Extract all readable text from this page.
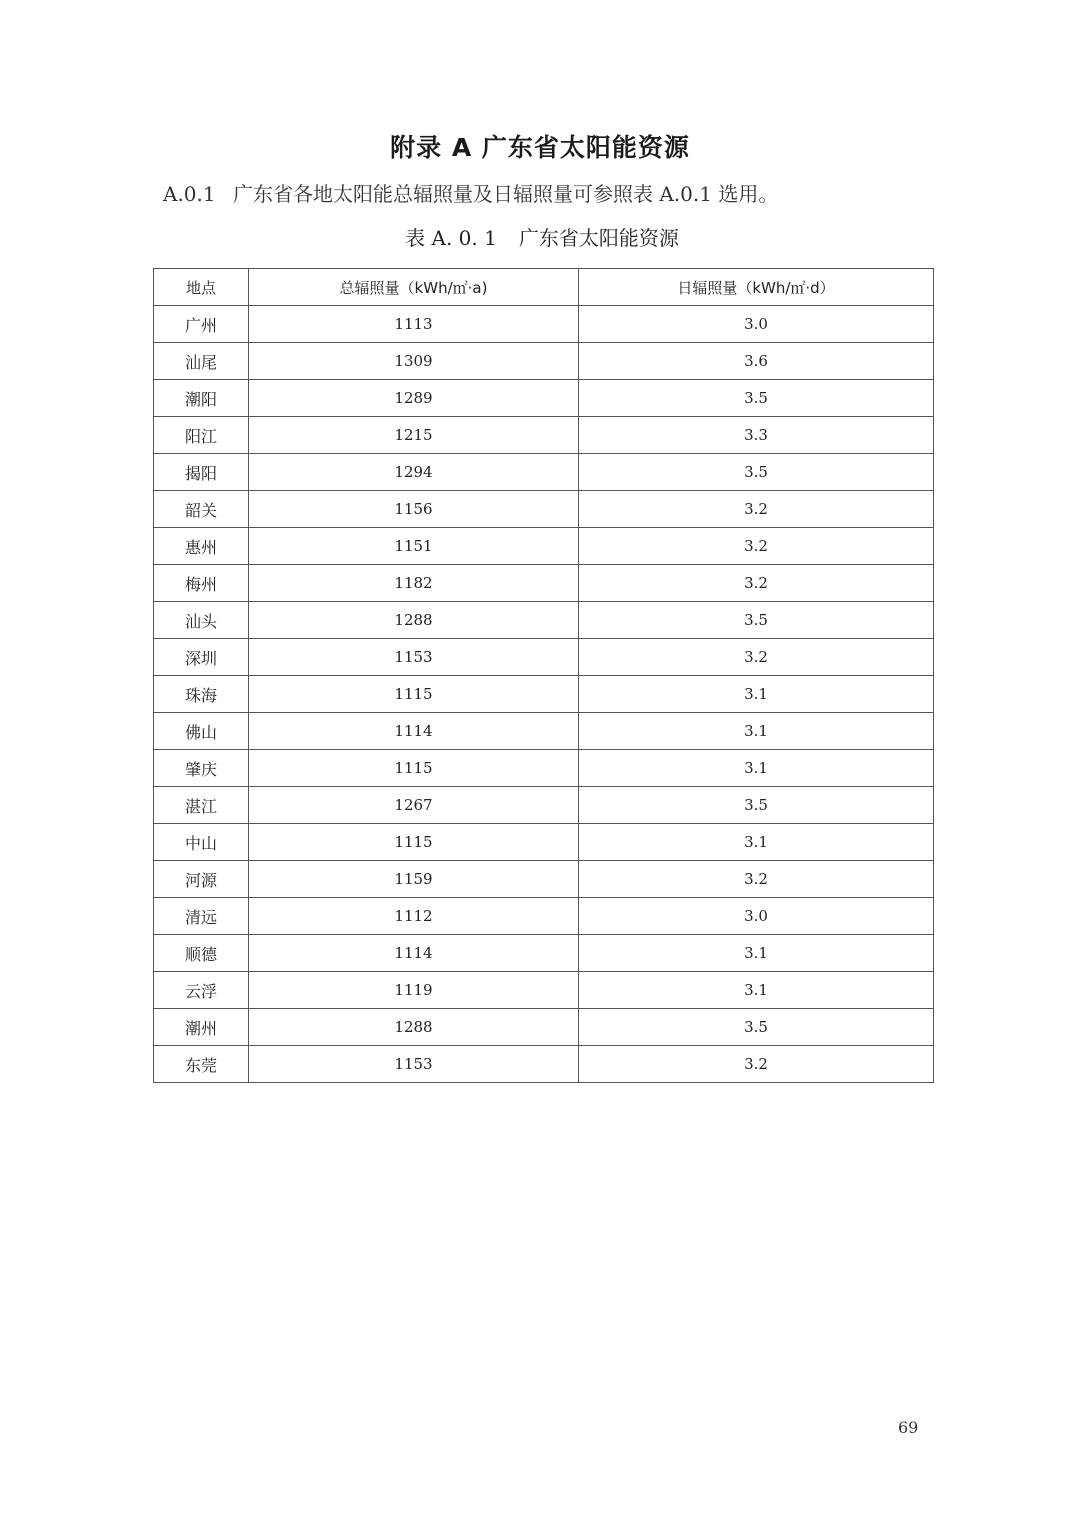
附录 A 广东省太阳能资源
A.0.1 广东省各地太阳能总辐照量及日辐照量可参照表 A.0.1 选用。
表 A. 0. 1 广东省太阳能资源
地点	总辐照量（kWh/㎡·a)	日辐照量（kWh/㎡·d）
广州	1113	3.0
汕尾	1309	3.6
潮阳	1289	3.5
阳江	1215	3.3
揭阳	1294	3.5
韶关	1156	3.2
惠州	1151	3.2
梅州	1182	3.2
汕头	1288	3.5
深圳	1153	3.2
珠海	1115	3.1
佛山	1114	3.1
肇庆	1115	3.1
湛江	1267	3.5
中山	1115	3.1
河源	1159	3.2
清远	1112	3.0
顺德	1114	3.1
云浮	1119	3.1
潮州	1288	3.5
东莞	1153	3.2
69
